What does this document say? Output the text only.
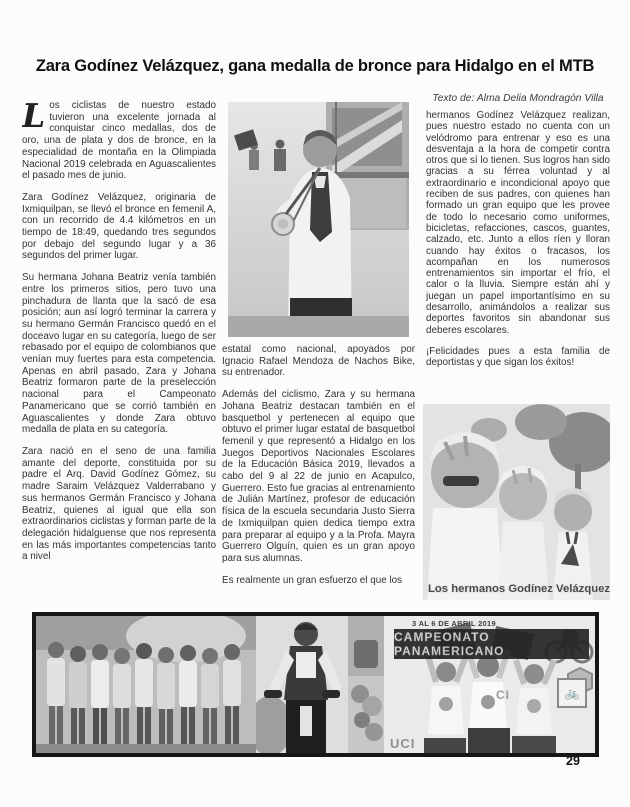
Zara Godínez Velázquez, gana medalla de bronce para Hidalgo en el MTB
Texto de: Alma Delia Mondragón Villa

Los ciclistas de nuestro estado tuvieron una excelente jornada al conquistar cinco medallas, dos de oro, una de plata y dos de bronce, en la especialidad de montaña en la Olimpiada Nacional 2019 celebrada en Aguascalientes el pasado mes de junio.

Zara Godínez Velázquez, originaria de Ixmiquilpan, se llevó el bronce en femenil A, con un recorrido de 4.4 kilómetros en un tiempo de 18:49, quedando tres segundos por debajo del segundo lugar y a 36 segundos del primer lugar.

Su hermana Johana Beatriz venía también entre los primeros sitios, pero tuvo una pinchadura de llanta que la sacó de esa posición; aun así logró terminar la carrera y su hermano Germán Francisco quedó en el doceavo lugar en su categoría, luego de ser rebasado por el equipo de colombianos que venían muy fuertes para esta competencia. Apenas en abril pasado, Zara y Johana Beatriz formaron parte de la preselección nacional para el Campeonato Panamericano que se corrió también en Aguascalientes y donde Zara obtuvo medalla de plata en su categoría.

Zara nació en el seno de una familia amante del deporte, constituida por su padre el Arq. David Godínez Gómez, su madre Saraim Velázquez Valderrabano y sus hermanos Germán Francisco y Johana Beatriz, quienes al igual que ella son extraordinarios ciclistas y forman parte de la delegación hidalguense que nos representa en las más importantes competencias tanto a nivel

estatal como nacional, apoyados por Ignacio Rafael Mendoza de Nachos Bike, su entrenador.

Además del ciclismo, Zara y su hermana Johana Beatriz destacan también en el basquetbol y pertenecen al equipo que obtuvo el primer lugar estatal de basquetbol femenil y que representó a Hidalgo en los Juegos Deportivos Nacionales Escolares de la Educación Básica 2019, llevados a cabo del 9 al 22 de junio en Acapulco, Guerrero. Esto fue gracias al entrenamiento de Julián Martínez, profesor de educación física de la escuela secundaria Justo Sierra de Ixmiquilpan quien dedica tiempo extra para preparar al equipo y a la Profa. Mayra Guerrero Olguín, quien es un gran apoyo para sus alumnas.

Es realmente un gran esfuerzo el que los

hermanos Godínez Velázquez realizan, pues nuestro estado no cuenta con un velódromo para entrenar y eso es una desventaja a la hora de competir contra otros que sí lo tienen. Sus logros han sido gracias a su férrea voluntad y al extraordinario e incondicional apoyo que reciben de sus padres, con quienes han formado un gran equipo que les provee de todo lo necesario como uniformes, bicicletas, refacciones, cascos, guantes, calzado, etc. Junto a ellos ríen y lloran cuando hay éxitos o fracasos, los acompañan en los numerosos entrenamientos sin importar el frío, el calor o la lluvia. Siempre están ahí y juegan un papel importantísimo en su desarrollo, animándolos a realizar sus deportes favoritos sin abandonar sus deberes escolares.

¡Felicidades pues a esta familia de deportistas y que sigan los éxitos!

Los hermanos Godínez Velázquez
3 AL 6 DE ABRIL 2019
CAMPEONATO PANAMERICANO
CI
UCI
🚲
29
